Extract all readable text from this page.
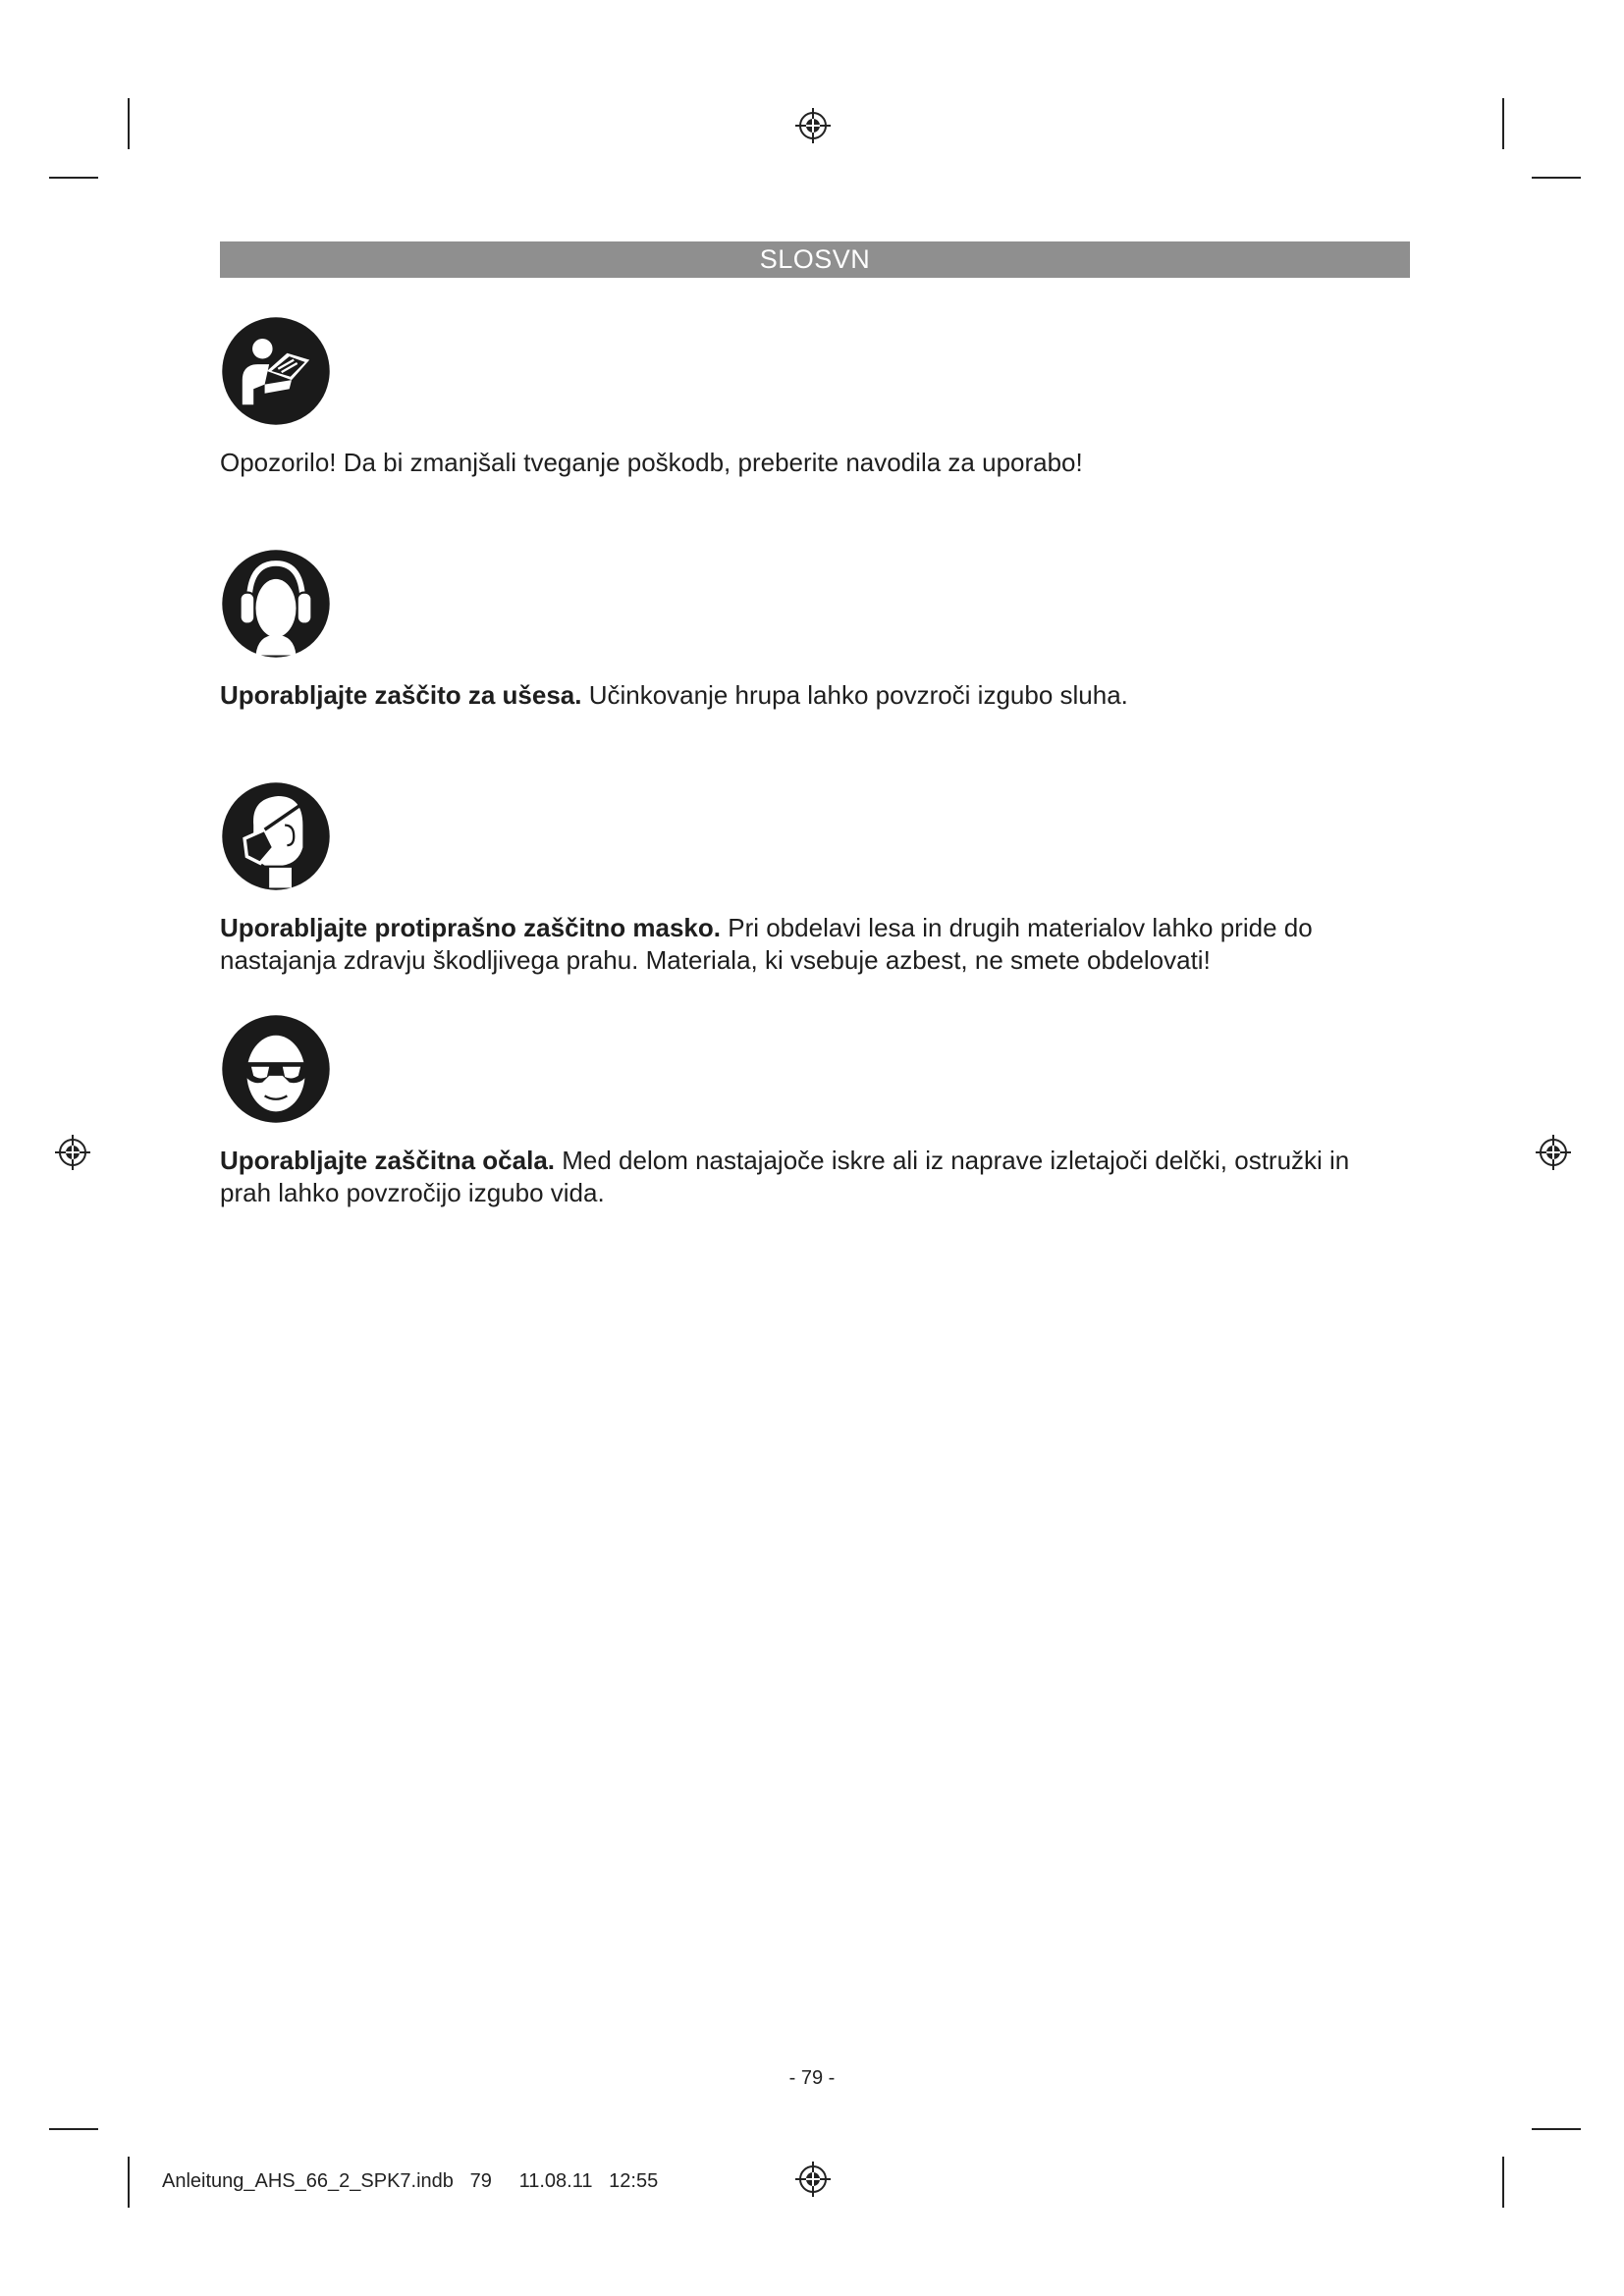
SLOSVN

Opozorilo! Da bi zmanjšali tveganje poškodb, preberite navodila za uporabo!

Uporabljajte zaščito za ušesa. Učinkovanje hrupa lahko povzroči izgubo sluha.

Uporabljajte protiprašno zaščitno masko. Pri obdelavi lesa in drugih materialov lahko pride do nastajanja zdravju škodljivega prahu. Materiala, ki vsebuje azbest, ne smete obdelovati!

Uporabljajte zaščitna očala. Med delom nastajajoče iskre ali iz naprave izletajoči delčki, ostružki in prah lahko povzročijo izgubo vida.

- 79 -
Anleitung_AHS_66_2_SPK7.indb   79     11.08.11   12:55
